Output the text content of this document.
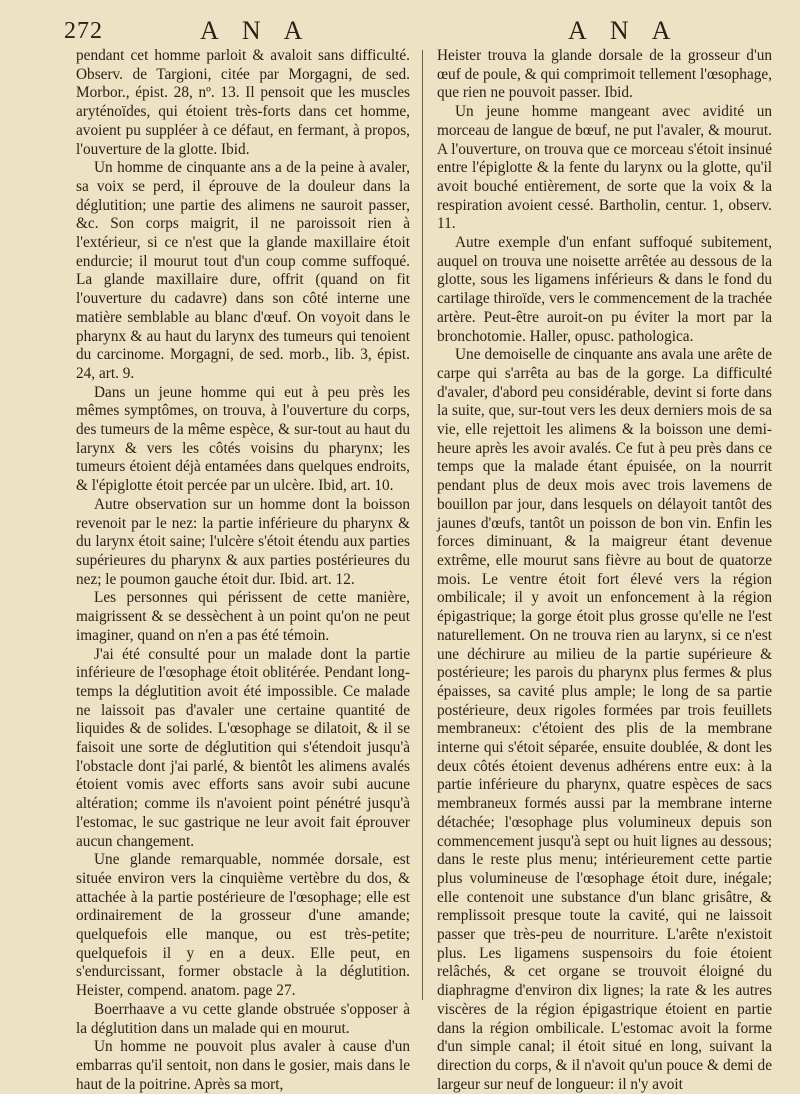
272	A N A	A N A

pendant cet homme parloit & avaloit sans difficulté. Observ. de Targioni, citée par Morgagni, de sed. Morbor., épist. 28, nº. 13. Il pensoit que les muscles aryténoïdes, qui étoient très-forts dans cet homme, avoient pu suppléer à ce défaut, en fermant, à propos, l'ouverture de la glotte. Ibid.

Un homme de cinquante ans a de la peine à avaler, sa voix se perd, il éprouve de la douleur dans la déglutition; une partie des alimens ne sauroit passer, &c. Son corps maigrit, il ne paroissoit rien à l'extérieur, si ce n'est que la glande maxillaire étoit endurcie; il mourut tout d'un coup comme suffoqué. La glande maxillaire dure, offrit (quand on fit l'ouverture du cadavre) dans son côté interne une matière semblable au blanc d'œuf. On voyoit dans le pharynx & au haut du larynx des tumeurs qui tenoient du carcinome. Morgagni, de sed. morb., lib. 3, épist. 24, art. 9.

Dans un jeune homme qui eut à peu près les mêmes symptômes, on trouva, à l'ouverture du corps, des tumeurs de la même espèce, & sur-tout au haut du larynx & vers les côtés voisins du pharynx; les tumeurs étoient déjà entamées dans quelques endroits, & l'épiglotte étoit percée par un ulcère. Ibid, art. 10.

Autre observation sur un homme dont la boisson revenoit par le nez: la partie inférieure du pharynx & du larynx étoit saine; l'ulcère s'étoit étendu aux parties supérieures du pharynx & aux parties postérieures du nez; le poumon gauche étoit dur. Ibid. art. 12.

Les personnes qui périssent de cette manière, maigrissent & se dessèchent à un point qu'on ne peut imaginer, quand on n'en a pas été témoin.

J'ai été consulté pour un malade dont la partie inférieure de l'œsophage étoit oblitérée. Pendant long-temps la déglutition avoit été impossible. Ce malade ne laissoit pas d'avaler une certaine quantité de liquides & de solides. L'œsophage se dilatoit, & il se faisoit une sorte de déglutition qui s'étendoit jusqu'à l'obstacle dont j'ai parlé, & bientôt les alimens avalés étoient vomis avec efforts sans avoir subi aucune altération; comme ils n'avoient point pénétré jusqu'à l'estomac, le suc gastrique ne leur avoit fait éprouver aucun changement.

Une glande remarquable, nommée dorsale, est située environ vers la cinquième vertèbre du dos, & attachée à la partie postérieure de l'œsophage; elle est ordinairement de la grosseur d'une amande; quelquefois elle manque, ou est très-petite; quelquefois il y en a deux. Elle peut, en s'endurcissant, former obstacle à la déglutition. Heister, compend. anatom. page 27.

Boerrhaave a vu cette glande obstruée s'opposer à la déglutition dans un malade qui en mourut.

Un homme ne pouvoit plus avaler à cause d'un embarras qu'il sentoit, non dans le gosier, mais dans le haut de la poitrine. Après sa mort,

Heister trouva la glande dorsale de la grosseur d'un œuf de poule, & qui comprimoit tellement l'œsophage, que rien ne pouvoit passer. Ibid.

Un jeune homme mangeant avec avidité un morceau de langue de bœuf, ne put l'avaler, & mourut. A l'ouverture, on trouva que ce morceau s'étoit insinué entre l'épiglotte & la fente du larynx ou la glotte, qu'il avoit bouché entièrement, de sorte que la voix & la respiration avoient cessé. Bartholin, centur. 1, observ. 11.

Autre exemple d'un enfant suffoqué subitement, auquel on trouva une noisette arrêtée au dessous de la glotte, sous les ligamens inférieurs & dans le fond du cartilage thiroïde, vers le commencement de la trachée artère. Peut-être auroit-on pu éviter la mort par la bronchotomie. Haller, opusc. pathologica.

Une demoiselle de cinquante ans avala une arête de carpe qui s'arrêta au bas de la gorge. La difficulté d'avaler, d'abord peu considérable, devint si forte dans la suite, que, sur-tout vers les deux derniers mois de sa vie, elle rejettoit les alimens & la boisson une demi-heure après les avoir avalés. Ce fut à peu près dans ce temps que la malade étant épuisée, on la nourrit pendant plus de deux mois avec trois lavemens de bouillon par jour, dans lesquels on délayoit tantôt des jaunes d'œufs, tantôt un poisson de bon vin. Enfin les forces diminuant, & la maigreur étant devenue extrême, elle mourut sans fièvre au bout de quatorze mois. Le ventre étoit fort élevé vers la région ombilicale; il y avoit un enfoncement à la région épigastrique; la gorge étoit plus grosse qu'elle ne l'est naturellement. On ne trouva rien au larynx, si ce n'est une déchirure au milieu de la partie supérieure & postérieure; les parois du pharynx plus fermes & plus épaisses, sa cavité plus ample; le long de sa partie postérieure, deux rigoles formées par trois feuillets membraneux: c'étoient des plis de la membrane interne qui s'étoit séparée, ensuite doublée, & dont les deux côtés étoient devenus adhérens entre eux: à la partie inférieure du pharynx, quatre espèces de sacs membraneux formés aussi par la membrane interne détachée; l'œsophage plus volumineux depuis son commencement jusqu'à sept ou huit lignes au dessous; dans le reste plus menu; intérieurement cette partie plus volumineuse de l'œsophage étoit dure, inégale; elle contenoit une substance d'un blanc grisâtre, & remplissoit presque toute la cavité, qui ne laissoit passer que très-peu de nourriture. L'arête n'existoit plus. Les ligamens suspensoirs du foie étoient relâchés, & cet organe se trouvoit éloigné du diaphragme d'environ dix lignes; la rate & les autres viscères de la région épigastrique étoient en partie dans la région ombilicale. L'estomac avoit la forme d'un simple canal; il étoit situé en long, suivant la direction du corps, & il n'avoit qu'un pouce & demi de largeur sur neuf de longueur: il n'y avoit
